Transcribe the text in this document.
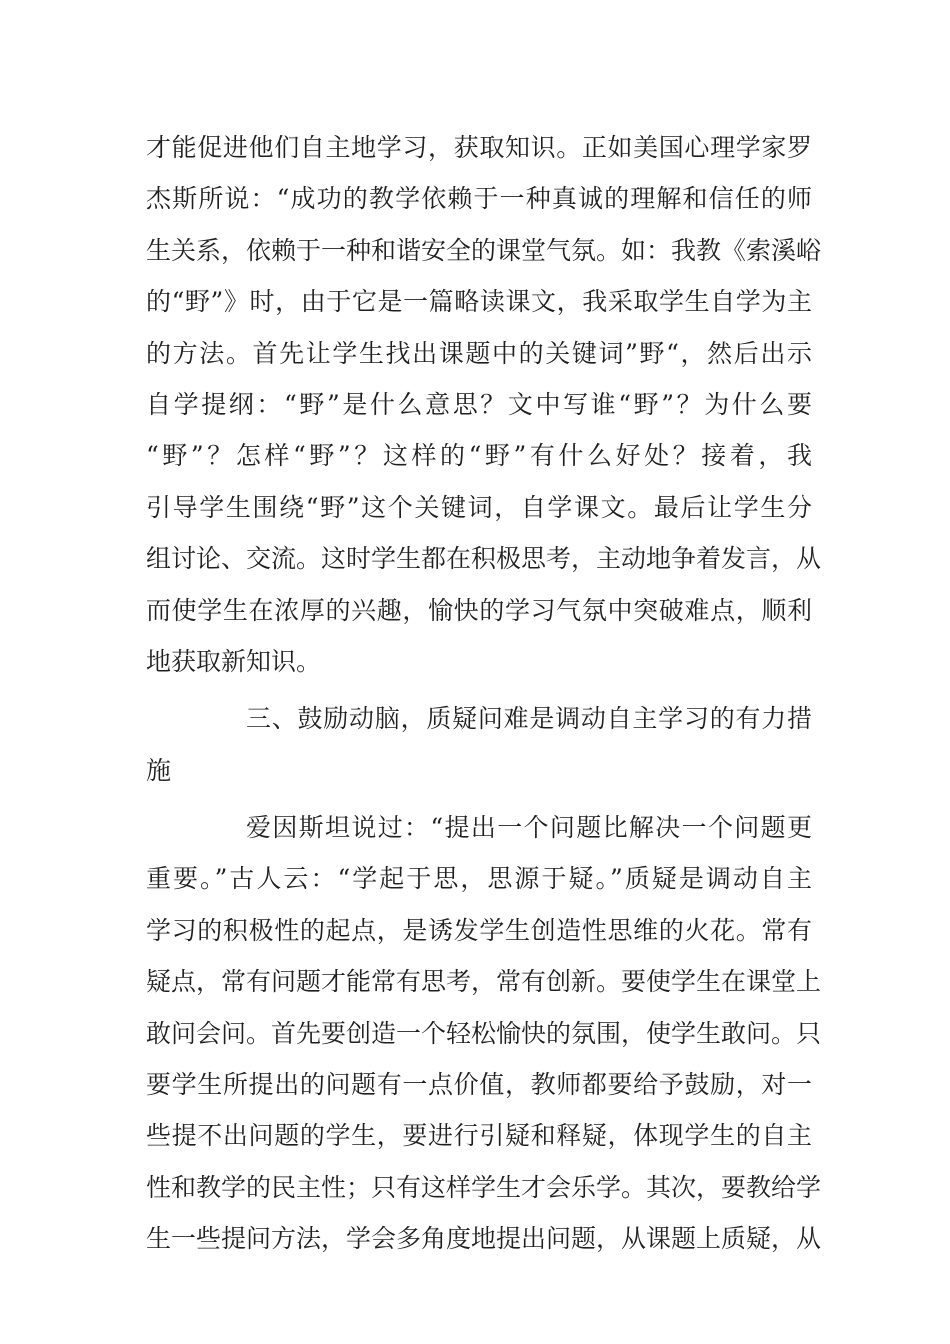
才能促进他们自主地学习，获取知识。正如美国心理学家罗
杰斯所说：“成功的教学依赖于一种真诚的理解和信任的师
生关系，依赖于一种和谐安全的课堂气氛。如：我教《索溪峪
的“野”》时，由于它是一篇略读课文，我采取学生自学为主
的方法。首先让学生找出课题中的关键词”野“，然后出示
自学提纲：“野”是什么意思？文中写谁“野”？为什么要
“野”？怎样“野”？这样的“野”有什么好处？接着，我
引导学生围绕“野”这个关键词，自学课文。最后让学生分
组讨论、交流。这时学生都在积极思考，主动地争着发言，从
而使学生在浓厚的兴趣，愉快的学习气氛中突破难点，顺利
地获取新知识。
三、鼓励动脑，质疑问难是调动自主学习的有力措
施
爱因斯坦说过：“提出一个问题比解决一个问题更
重要。”古人云：“学起于思，思源于疑。”质疑是调动自主
学习的积极性的起点，是诱发学生创造性思维的火花。常有
疑点，常有问题才能常有思考，常有创新。要使学生在课堂上
敢问会问。首先要创造一个轻松愉快的氛围，使学生敢问。只
要学生所提出的问题有一点价值，教师都要给予鼓励，对一
些提不出问题的学生，要进行引疑和释疑，体现学生的自主
性和教学的民主性；只有这样学生才会乐学。其次，要教给学
生一些提问方法，学会多角度地提出问题，从课题上质疑，从
